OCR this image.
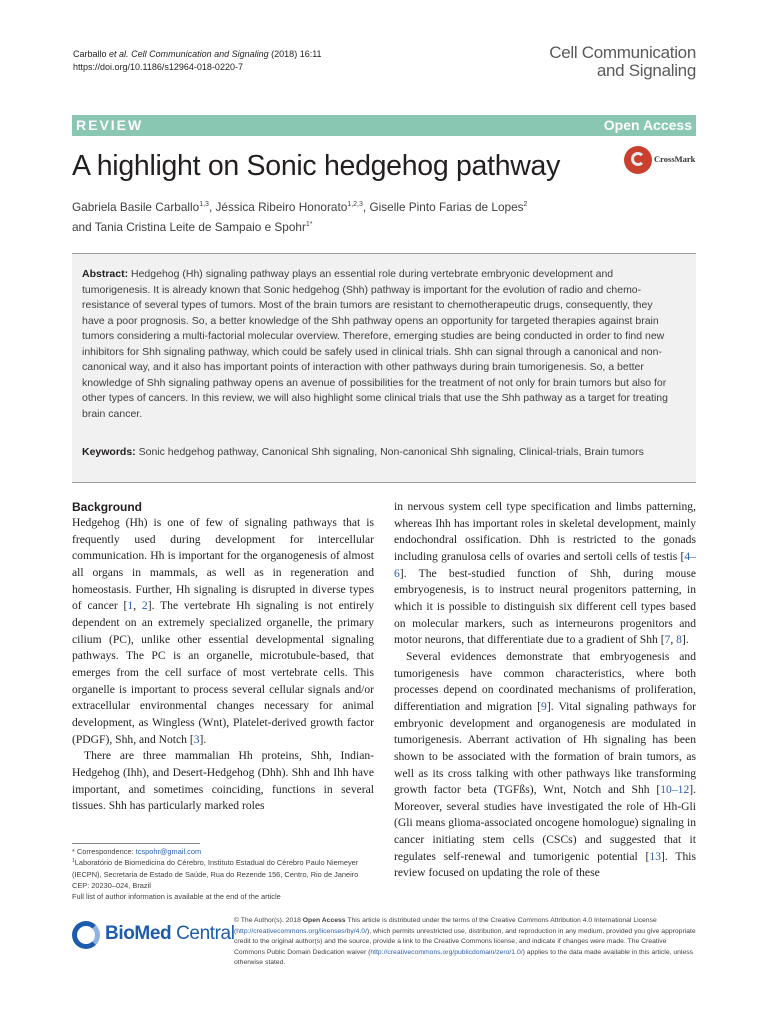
Carballo et al. Cell Communication and Signaling (2018) 16:11
https://doi.org/10.1186/s12964-018-0220-7
Cell Communication
and Signaling
REVIEW	Open Access
A highlight on Sonic hedgehog pathway	CrossMark
Gabriela Basile Carballo$^{1,3}$, Jéssica Ribeiro Honorato$^{1,2,3}$, Giselle Pinto Farias de Lopes$^2$
and Tania Cristina Leite de Sampaio e Spohr$^{1*}$
Abstract: Hedgehog (Hh) signaling pathway plays an essential role during vertebrate embryonic development and tumorigenesis. It is already known that Sonic hedgehog (Shh) pathway is important for the evolution of radio and chemo-resistance of several types of tumors. Most of the brain tumors are resistant to chemotherapeutic drugs, consequently, they have a poor prognosis. So, a better knowledge of the Shh pathway opens an opportunity for targeted therapies against brain tumors considering a multi-factorial molecular overview. Therefore, emerging studies are being conducted in order to find new inhibitors for Shh signaling pathway, which could be safely used in clinical trials. Shh can signal through a canonical and non-canonical way, and it also has important points of interaction with other pathways during brain tumorigenesis. So, a better knowledge of Shh signaling pathway opens an avenue of possibilities for the treatment of not only for brain tumors but also for other types of cancers. In this review, we will also highlight some clinical trials that use the Shh pathway as a target for treating brain cancer.
Keywords: Sonic hedgehog pathway, Canonical Shh signaling, Non-canonical Shh signaling, Clinical-trials, Brain tumors
Background

Hedgehog (Hh) is one of few of signaling pathways that is frequently used during development for intercellular communication. Hh is important for the organogenesis of almost all organs in mammals, as well as in regeneration and homeostasis. Further, Hh signaling is disrupted in diverse types of cancer [1, 2]. The vertebrate Hh signaling is not entirely dependent on an extremely specialized organelle, the primary cilium (PC), unlike other essential developmental signaling pathways. The PC is an organelle, microtubule-based, that emerges from the cell surface of most vertebrate cells. This organelle is important to process several cellular signals and/or extracellular environmental changes necessary for animal development, as Wingless (Wnt), Platelet-derived growth factor (PDGF), Shh, and Notch [3].

There are three mammalian Hh proteins, Shh, Indian-Hedgehog (Ihh), and Desert-Hedgehog (Dhh). Shh and Ihh have important, and sometimes coinciding, functions in several tissues. Shh has particularly marked roles

in nervous system cell type specification and limbs patterning, whereas Ihh has important roles in skeletal development, mainly endochondral ossification. Dhh is restricted to the gonads including granulosa cells of ovaries and sertoli cells of testis [4–6]. The best-studied function of Shh, during mouse embryogenesis, is to instruct neural progenitors patterning, in which it is possible to distinguish six different cell types based on molecular markers, such as interneurons progenitors and motor neurons, that differentiate due to a gradient of Shh [7, 8].

Several evidences demonstrate that embryogenesis and tumorigenesis have common characteristics, where both processes depend on coordinated mechanisms of proliferation, differentiation and migration [9]. Vital signaling pathways for embryonic development and organogenesis are modulated in tumorigenesis. Aberrant activation of Hh signaling has been shown to be associated with the formation of brain tumors, as well as its cross talking with other pathways like transforming growth factor beta (TGFßs), Wnt, Notch and Shh [10–12]. Moreover, several studies have investigated the role of Hh-Gli (Gli means glioma-associated oncogene homologue) signaling in cancer initiating stem cells (CSCs) and suggested that it regulates self-renewal and tumorigenic potential [13]. This review focused on updating the role of these

* Correspondence: tcspohr@gmail.com
$^1$Laboratório de Biomedicina do Cérebro, Instituto Estadual do Cérebro Paulo Niemeyer (IECPN), Secretaria de Estado de Saúde, Rua do Rezende 156, Centro, Rio de Janeiro CEP: 20230–024, Brazil
Full list of author information is available at the end of the article
BioMed Central
© The Author(s). 2018 Open Access This article is distributed under the terms of the Creative Commons Attribution 4.0 International License (http://creativecommons.org/licenses/by/4.0/), which permits unrestricted use, distribution, and reproduction in any medium, provided you give appropriate credit to the original author(s) and the source, provide a link to the Creative Commons license, and indicate if changes were made. The Creative Commons Public Domain Dedication waiver (http://creativecommons.org/publicdomain/zero/1.0/) applies to the data made available in this article, unless otherwise stated.
